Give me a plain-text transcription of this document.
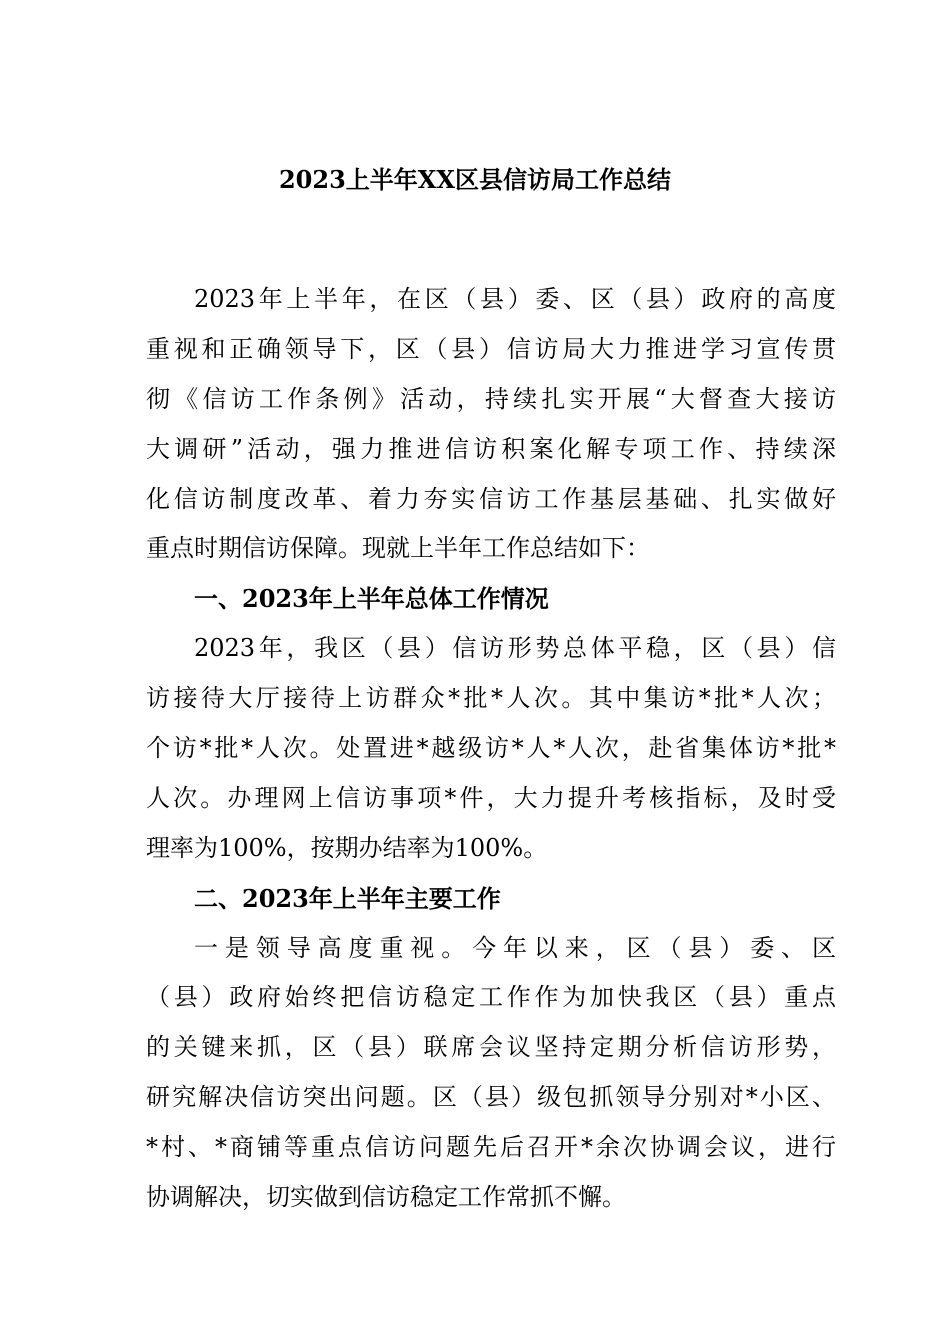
2023上半年XX区县信访局工作总结
2023年上半年，在区（县）委、区（县）政府的高度
重视和正确领导下，区（县）信访局大力推进学习宣传贯
彻《信访工作条例》活动，持续扎实开展“大督查大接访
大调研”活动，强力推进信访积案化解专项工作、持续深
化信访制度改革、着力夯实信访工作基层基础、扎实做好
重点时期信访保障。现就上半年工作总结如下：
一、2023年上半年总体工作情况
2023年，我区（县）信访形势总体平稳，区（县）信
访接待大厅接待上访群众*批*人次。其中集访*批*人次；
个访*批*人次。处置进*越级访*人*人次，赴省集体访*批*
人次。办理网上信访事项*件，大力提升考核指标，及时受
理率为100%，按期办结率为100%。
二、2023年上半年主要工作
一是领导高度重视。今年以来，区（县）委、区
（县）政府始终把信访稳定工作作为加快我区（县）重点
的关键来抓，区（县）联席会议坚持定期分析信访形势，
研究解决信访突出问题。区（县）级包抓领导分别对*小区、
*村、*商铺等重点信访问题先后召开*余次协调会议，进行
协调解决，切实做到信访稳定工作常抓不懈。
